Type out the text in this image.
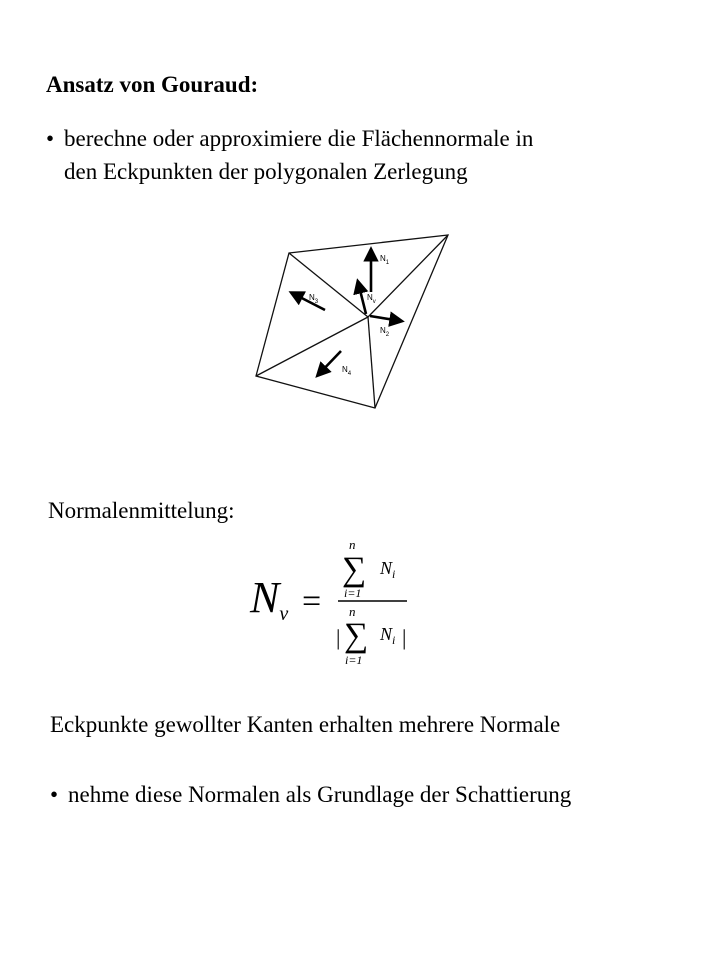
Ansatz von Gouraud:
• berechne oder approximiere die Flächennormale in
den Eckpunkten der polygonalen Zerlegung
$N_1$
$N_v$
$N_3$
$N_2$
$N_4$
Normalenmittelung:
Nv =
n
∑
i=1
$N_i$
n
| ∑
i=1
$N_i$ |
Eckpunkte gewollter Kanten erhalten mehrere Normale
• nehme diese Normalen als Grundlage der Schattierung
